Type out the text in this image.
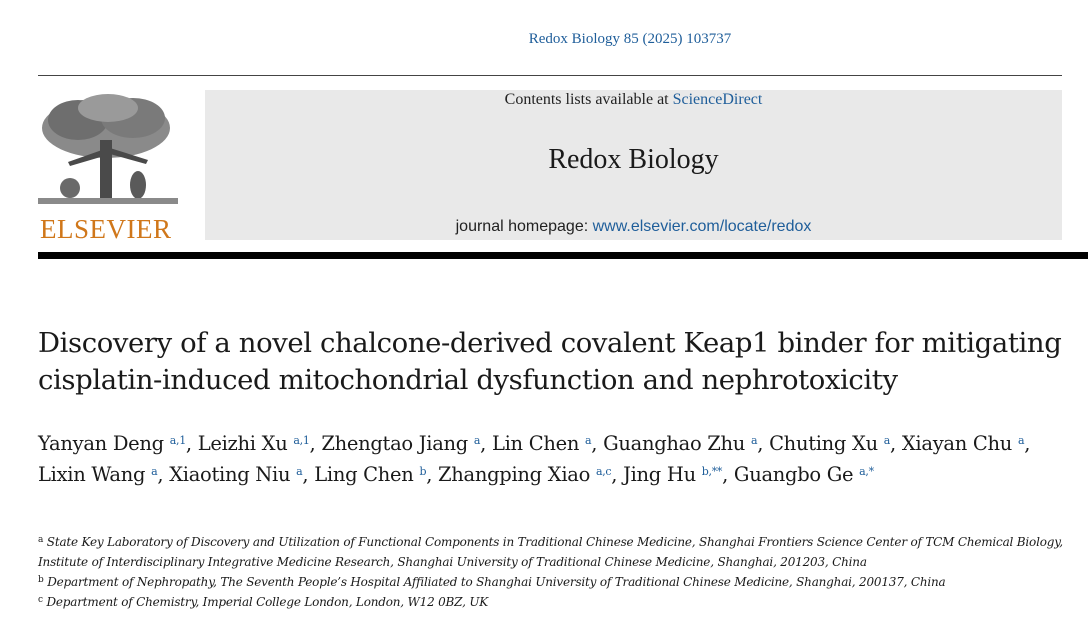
Redox Biology 85 (2025) 103737
ELSEVIER
Contents lists available at ScienceDirect
Redox Biology
journal homepage: www.elsevier.com/locate/redox
Discovery of a novel chalcone-derived covalent Keap1 binder for mitigating cisplatin-induced mitochondrial dysfunction and nephrotoxicity
Yanyan Deng $^{a,1}$, Leizhi Xu $^{a,1}$, Zhengtao Jiang $^a$, Lin Chen $^a$, Guanghao Zhu $^a$, Chuting Xu $^a$, Xiayan Chu $^a$, Lixin Wang $^a$, Xiaoting Niu $^a$, Ling Chen $^b$, Zhangping Xiao $^{a,c}$, Jing Hu $^{b,**}$, Guangbo Ge $^{a,*}$
$^a$ State Key Laboratory of Discovery and Utilization of Functional Components in Traditional Chinese Medicine, Shanghai Frontiers Science Center of TCM Chemical Biology, Institute of Interdisciplinary Integrative Medicine Research, Shanghai University of Traditional Chinese Medicine, Shanghai, 201203, China
$^b$ Department of Nephropathy, The Seventh People’s Hospital Affiliated to Shanghai University of Traditional Chinese Medicine, Shanghai, 200137, China
$^c$ Department of Chemistry, Imperial College London, London, W12 0BZ, UK
